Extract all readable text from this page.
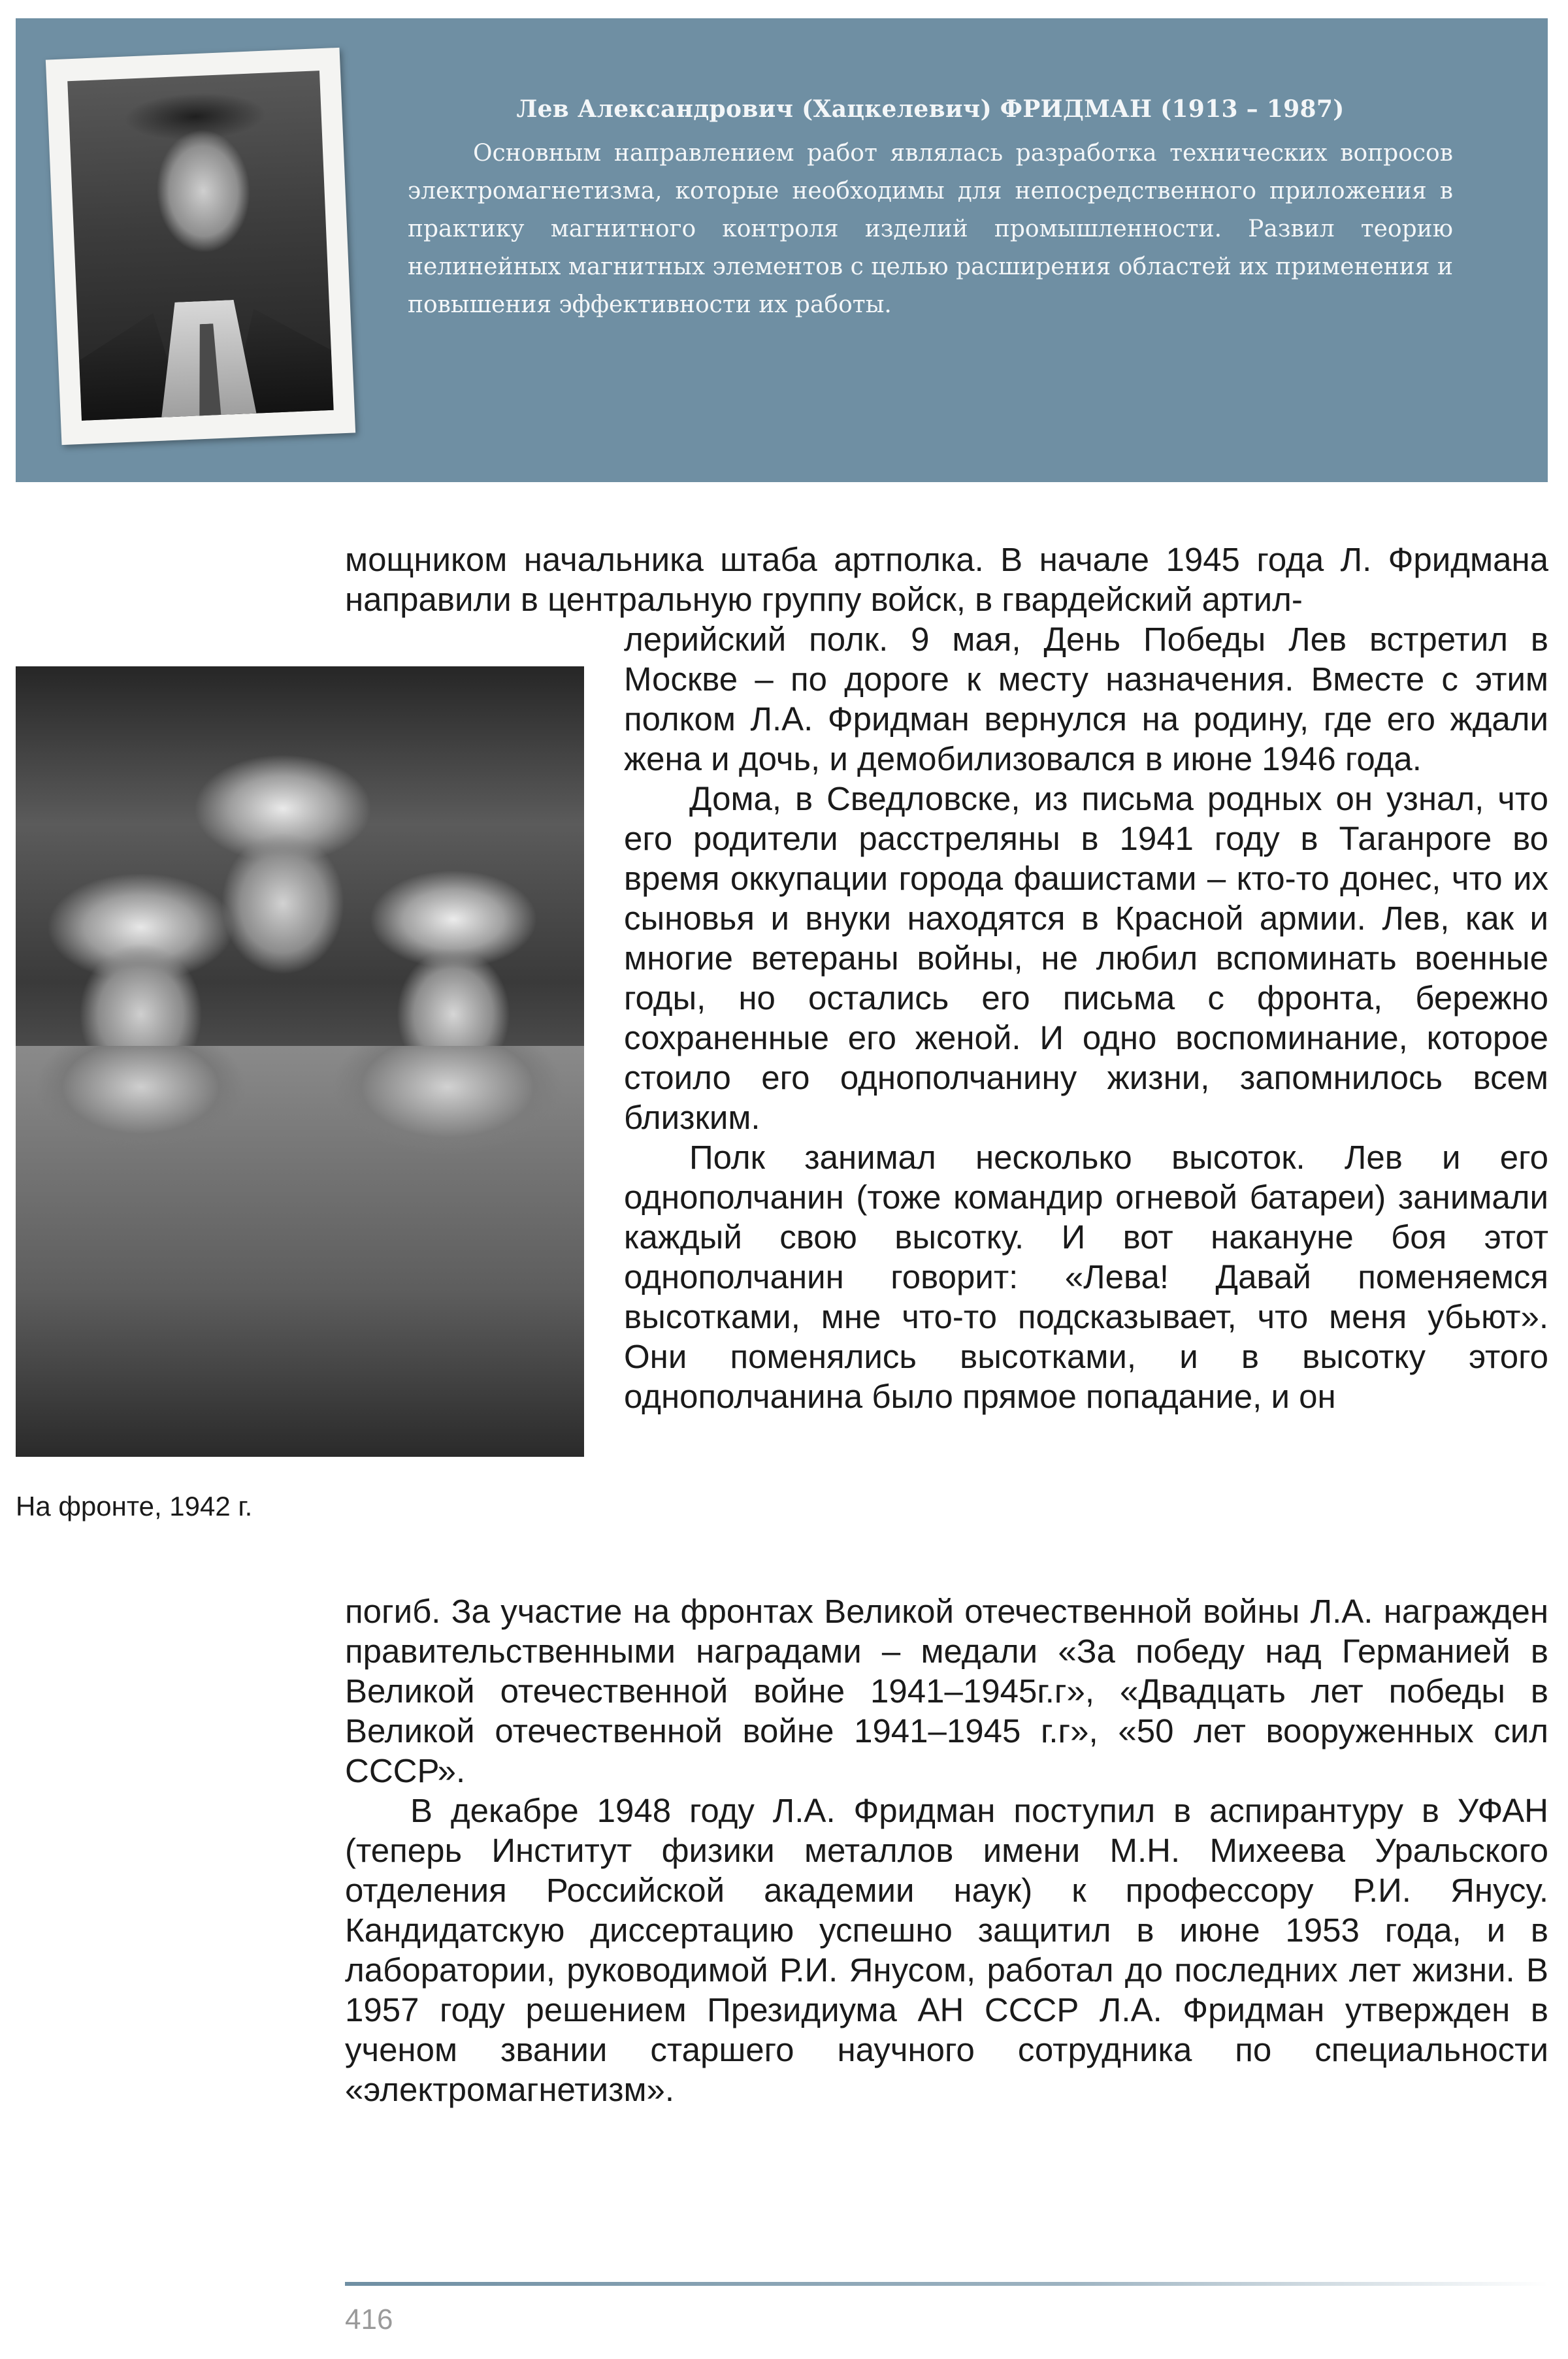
Лев Александрович (Хацкелевич) ФРИДМАН (1913 – 1987)
Основным направлением работ являлась разработка технических вопросов электромагнетизма, которые необходимы для непосредственного приложения в практику магнитного контроля изделий промышленности. Развил теорию нелинейных магнитных элементов с целью расширения областей их применения и повышения эффективности их работы.
мощником начальника штаба артполка. В начале 1945 года Л. Фридмана направили в центральную группу войск, в гвардейский артил-
На фронте, 1942 г.

лерийский полк. 9 мая, День Победы Лев встретил в Москве – по дороге к месту назначения. Вместе с этим полком Л.А. Фридман вернулся на родину, где его ждали жена и дочь, и демобилизовался в июне 1946 года.

Дома, в Сведловске, из письма родных он узнал, что его родители расстреляны в 1941 году в Таганроге во время оккупации города фашистами – кто-то донес, что их сыновья и внуки находятся в Красной армии. Лев, как и многие ветераны войны, не любил вспоминать военные годы, но остались его письма с фронта, бережно сохраненные его женой. И одно воспоминание, которое стоило его однополчанину жизни, запомнилось всем близким.

Полк занимал несколько высоток. Лев и его однополчанин (тоже командир огневой батареи) занимали каждый свою высотку. И вот накануне боя этот однополчанин говорит: «Лева! Давай поменяемся высотками, мне что-то подсказывает, что меня убьют». Они поменялись высотками, и в высотку этого однополчанина было прямое попадание, и он

погиб. За участие на фронтах Великой отечественной войны Л.А. награжден правительственными наградами – медали «За победу над Германией в Великой отечественной войне 1941–1945г.г», «Двадцать лет победы в Великой отечественной войне 1941–1945 г.г», «50 лет вооруженных сил СССР».

В декабре 1948 году Л.А. Фридман поступил в аспирантуру в УФАН (теперь Институт физики металлов имени М.Н. Михеева Уральского отделения Российской академии наук) к профессору Р.И. Янусу. Кандидатскую диссертацию успешно защитил в июне 1953 года, и в лаборатории, руководимой Р.И. Янусом, работал до последних лет жизни. В 1957 году решением Президиума АН СССР Л.А. Фридман утвержден в ученом звании старшего научного сотрудника по специальности «электромагнетизм».

416
